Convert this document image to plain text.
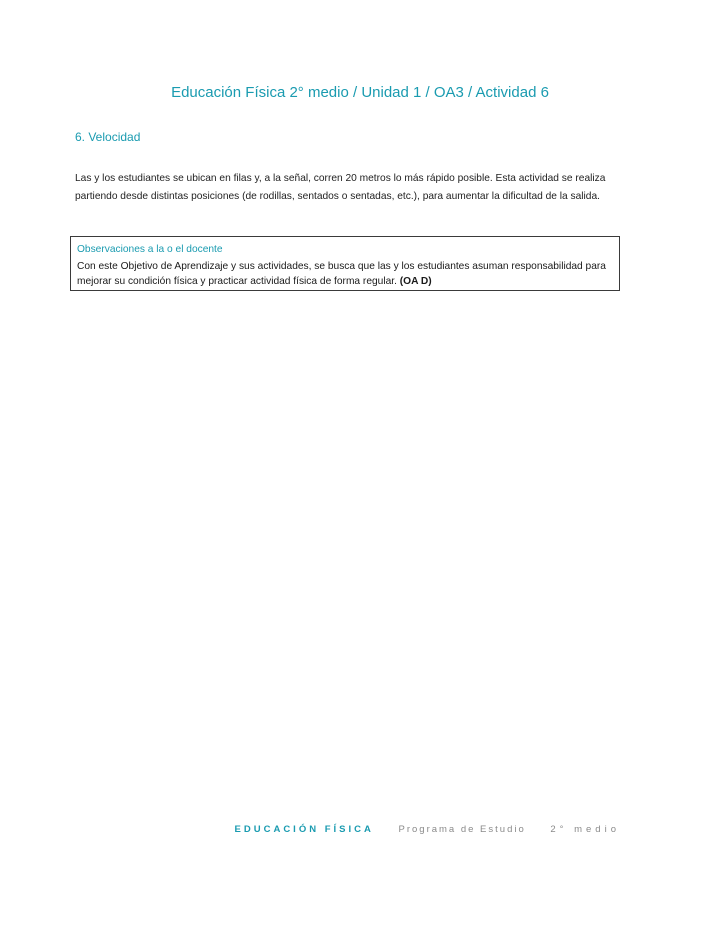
Educación Física 2° medio / Unidad 1 / OA3 / Actividad 6
6. Velocidad
Las y los estudiantes se ubican en filas y, a la señal, corren 20 metros lo más rápido posible. Esta actividad se realiza partiendo desde distintas posiciones (de rodillas, sentados o sentadas, etc.), para aumentar la dificultad de la salida.
Observaciones a la o el docente
Con este Objetivo de Aprendizaje y sus actividades, se busca que las y los estudiantes asuman responsabilidad para mejorar su condición física y practicar actividad física de forma regular. (OA D)
EDUCACIÓN FÍSICA	Programa de Estudio	2° medio
